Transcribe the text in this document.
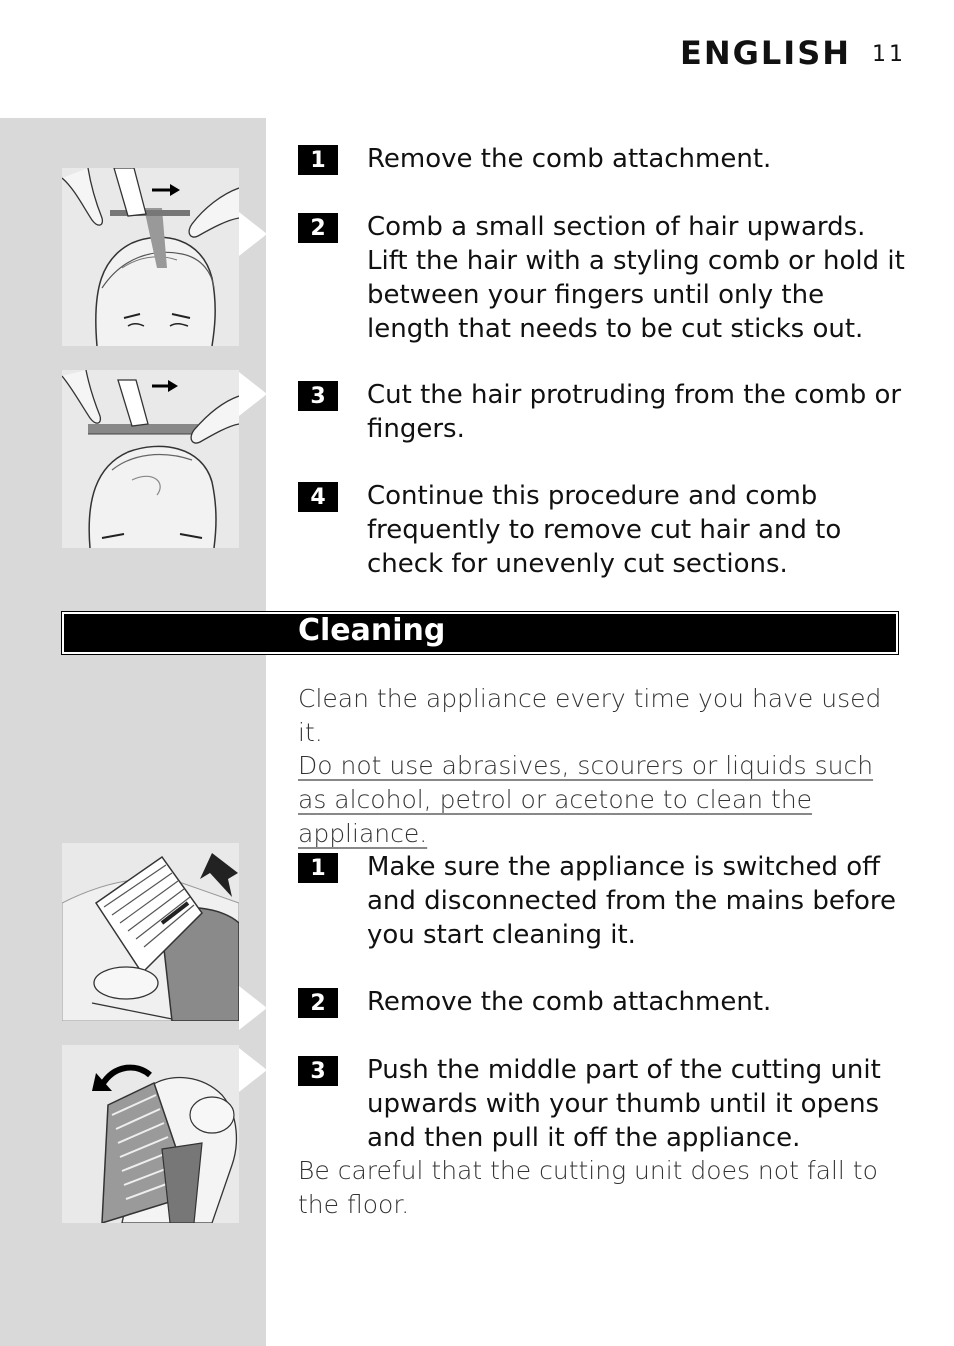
ENGLISH 11
1	Remove the comb attachment.
2	Comb a small section of hair upwards. Lift the hair with a styling comb or hold it between your fingers until only the length that needs to be cut sticks out.
3	Cut the hair protruding from the comb or fingers.
4	Continue this procedure and comb frequently to remove cut hair and to check for unevenly cut sections.
Cleaning
Clean the appliance every time you have used it.
Do not use abrasives, scourers or liquids such as alcohol, petrol or acetone to clean the appliance.
1	Make sure the appliance is switched off and disconnected from the mains before you start cleaning it.
2	Remove the comb attachment.
3	Push the middle part of the cutting unit upwards with your thumb until it opens and then pull it off the appliance.
Be careful that the cutting unit does not fall to the floor.
